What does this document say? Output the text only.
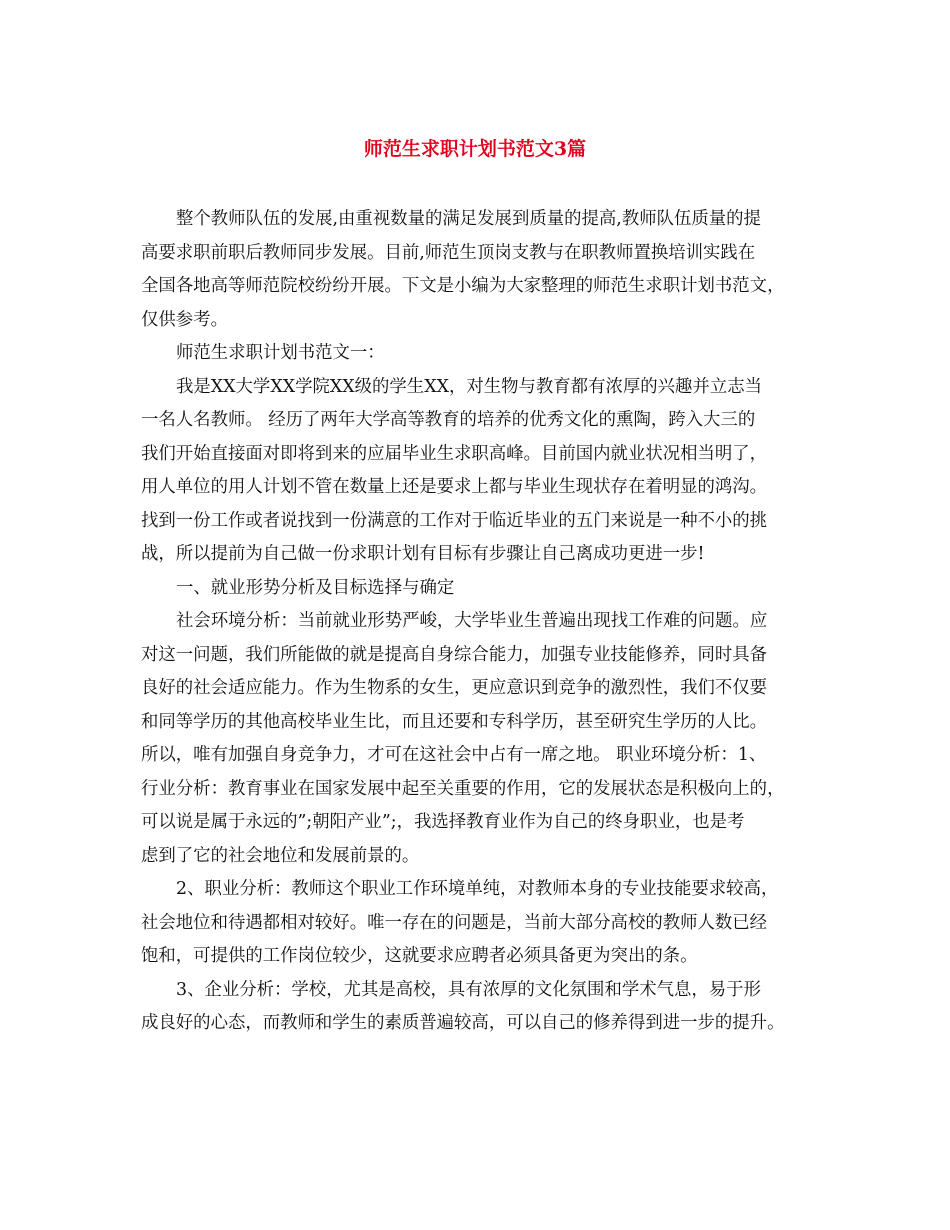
师范生求职计划书范文3篇
整个教师队伍的发展,由重视数量的满足发展到质量的提高,教师队伍质量的提
高要求职前职后教师同步发展。目前,师范生顶岗支教与在职教师置换培训实践在
全国各地高等师范院校纷纷开展。下文是小编为大家整理的师范生求职计划书范文，
仅供参考。
师范生求职计划书范文一：
我是XX大学XX学院XX级的学生XX，对生物与教育都有浓厚的兴趣并立志当
一名人名教师。 经历了两年大学高等教育的培养的优秀文化的熏陶，跨入大三的
我们开始直接面对即将到来的应届毕业生求职高峰。目前国内就业状况相当明了，
用人单位的用人计划不管在数量上还是要求上都与毕业生现状存在着明显的鸿沟。
找到一份工作或者说找到一份满意的工作对于临近毕业的五门来说是一种不小的挑
战，所以提前为自己做一份求职计划有目标有步骤让自己离成功更进一步!
一、就业形势分析及目标选择与确定
社会环境分析：当前就业形势严峻，大学毕业生普遍出现找工作难的问题。应
对这一问题，我们所能做的就是提高自身综合能力，加强专业技能修养，同时具备
良好的社会适应能力。作为生物系的女生，更应意识到竞争的激烈性，我们不仅要
和同等学历的其他高校毕业生比，而且还要和专科学历，甚至研究生学历的人比。
所以，唯有加强自身竞争力，才可在这社会中占有一席之地。 职业环境分析：1、
行业分析：教育事业在国家发展中起至关重要的作用，它的发展状态是积极向上的，
可以说是属于永远的”;朝阳产业”;，我选择教育业作为自己的终身职业，也是考
虑到了它的社会地位和发展前景的。
2、职业分析：教师这个职业工作环境单纯，对教师本身的专业技能要求较高，
社会地位和待遇都相对较好。唯一存在的问题是，当前大部分高校的教师人数已经
饱和，可提供的工作岗位较少，这就要求应聘者必须具备更为突出的条。
3、企业分析：学校，尤其是高校，具有浓厚的文化氛围和学术气息，易于形
成良好的心态，而教师和学生的素质普遍较高，可以自己的修养得到进一步的提升。
